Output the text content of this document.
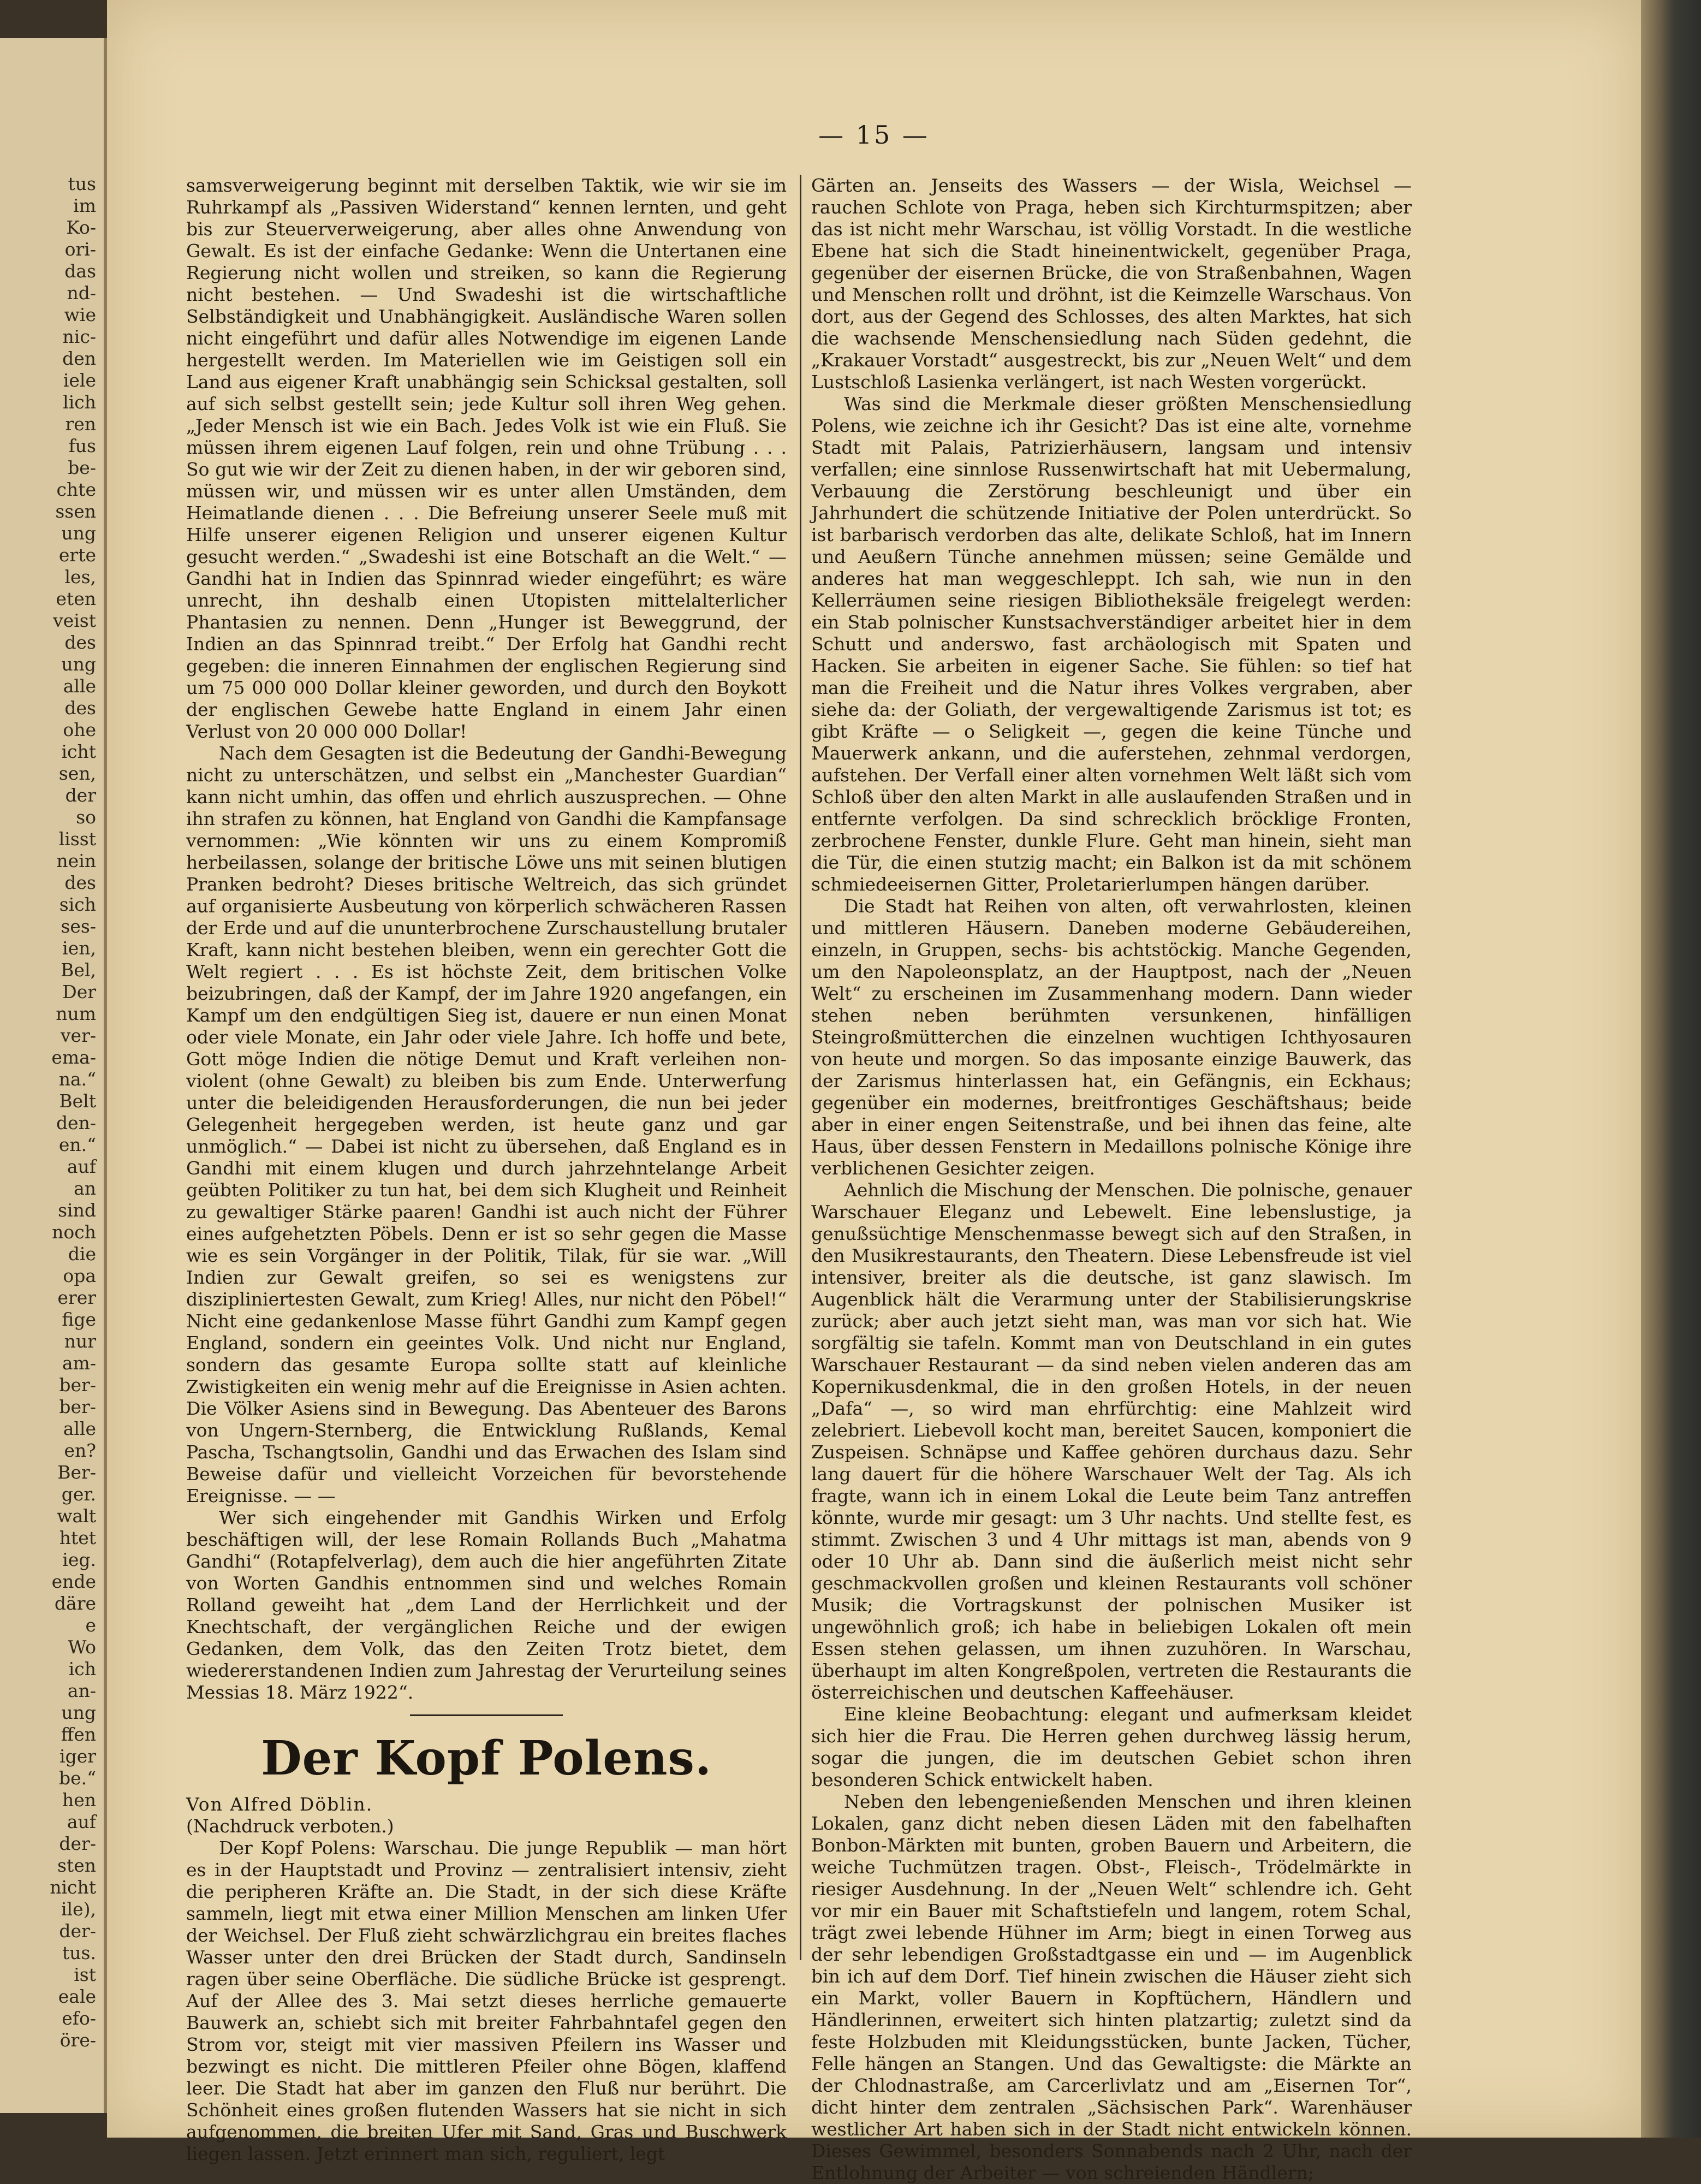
tus
im
Ko-
ori-
das
nd-
wie
nic-
den
iele
lich
ren
fus
be-
chte
ssen
ung
erte
les,
eten
veist
des
ung
alle
des
ohe
icht
sen,
der
so
lisst
nein
des
sich
ses-
ien,
Bel,
Der
num
ver-
ema-
na.“
Belt
den-
en.“
auf
an
sind
noch
die
opa
erer
fige
nur
am-
ber-
ber-
alle
en?
Ber-
ger.
walt
htet
ieg.
ende
däre
e
Wo
ich
an-
ung
ffen
iger
be.“
hen
auf
der-
sten
nicht
ile),
der-
tus.
ist
eale
efo-
öre-

— 15 —

samsverweigerung beginnt mit derselben Taktik, wie wir sie im Ruhrkampf als „Passiven Widerstand“ kennen lernten, und geht bis zur Steuerverweigerung, aber alles ohne Anwendung von Gewalt. Es ist der einfache Gedanke: Wenn die Untertanen eine Regierung nicht wollen und streiken, so kann die Regierung nicht bestehen. — Und Swadeshi ist die wirtschaftliche Selbständigkeit und Unabhängigkeit. Ausländische Waren sollen nicht eingeführt und dafür alles Notwendige im eigenen Lande hergestellt werden. Im Materiellen wie im Geistigen soll ein Land aus eigener Kraft unabhängig sein Schicksal gestalten, soll auf sich selbst gestellt sein; jede Kultur soll ihren Weg gehen. „Jeder Mensch ist wie ein Bach. Jedes Volk ist wie ein Fluß. Sie müssen ihrem eigenen Lauf folgen, rein und ohne Trübung . . . So gut wie wir der Zeit zu dienen haben, in der wir geboren sind, müssen wir, und müssen wir es unter allen Umständen, dem Heimatlande dienen . . . Die Befreiung unserer Seele muß mit Hilfe unserer eigenen Religion und unserer eigenen Kultur gesucht werden.“ „Swadeshi ist eine Botschaft an die Welt.“ — Gandhi hat in Indien das Spinnrad wieder eingeführt; es wäre unrecht, ihn deshalb einen Utopisten mittelalterlicher Phantasien zu nennen. Denn „Hunger ist Beweggrund, der Indien an das Spinnrad treibt.“ Der Erfolg hat Gandhi recht gegeben: die inneren Einnahmen der englischen Regierung sind um 75 000 000 Dollar kleiner geworden, und durch den Boykott der englischen Gewebe hatte England in einem Jahr einen Verlust von 20 000 000 Dollar!

Nach dem Gesagten ist die Bedeutung der Gandhi-Bewegung nicht zu unterschätzen, und selbst ein „Manchester Guardian“ kann nicht umhin, das offen und ehrlich auszusprechen. — Ohne ihn strafen zu können, hat England von Gandhi die Kampfansage vernommen: „Wie könnten wir uns zu einem Kompromiß herbeilassen, solange der britische Löwe uns mit seinen blutigen Pranken bedroht? Dieses britische Weltreich, das sich gründet auf organisierte Ausbeutung von körperlich schwächeren Rassen der Erde und auf die ununterbrochene Zurschaustellung brutaler Kraft, kann nicht bestehen bleiben, wenn ein gerechter Gott die Welt regiert . . . Es ist höchste Zeit, dem britischen Volke beizubringen, daß der Kampf, der im Jahre 1920 angefangen, ein Kampf um den endgültigen Sieg ist, dauere er nun einen Monat oder viele Monate, ein Jahr oder viele Jahre. Ich hoffe und bete, Gott möge Indien die nötige Demut und Kraft verleihen non-violent (ohne Gewalt) zu bleiben bis zum Ende. Unterwerfung unter die beleidigenden Herausforderungen, die nun bei jeder Gelegenheit hergegeben werden, ist heute ganz und gar unmöglich.“ — Dabei ist nicht zu übersehen, daß England es in Gandhi mit einem klugen und durch jahrzehntelange Arbeit geübten Politiker zu tun hat, bei dem sich Klugheit und Reinheit zu gewaltiger Stärke paaren! Gandhi ist auch nicht der Führer eines aufgehetzten Pöbels. Denn er ist so sehr gegen die Masse wie es sein Vorgänger in der Politik, Tilak, für sie war. „Will Indien zur Gewalt greifen, so sei es wenigstens zur diszipliniertesten Gewalt, zum Krieg! Alles, nur nicht den Pöbel!“ Nicht eine gedankenlose Masse führt Gandhi zum Kampf gegen England, sondern ein geeintes Volk. Und nicht nur England, sondern das gesamte Europa sollte statt auf kleinliche Zwistigkeiten ein wenig mehr auf die Ereignisse in Asien achten. Die Völker Asiens sind in Bewegung. Das Abenteuer des Barons von Ungern-Sternberg, die Entwicklung Rußlands, Kemal Pascha, Tschangtsolin, Gandhi und das Erwachen des Islam sind Beweise dafür und vielleicht Vorzeichen für bevorstehende Ereignisse. — —

Wer sich eingehender mit Gandhis Wirken und Erfolg beschäftigen will, der lese Romain Rollands Buch „Mahatma Gandhi“ (Rotapfelverlag), dem auch die hier angeführten Zitate von Worten Gandhis entnommen sind und welches Romain Rolland geweiht hat „dem Land der Herrlichkeit und der Knechtschaft, der vergänglichen Reiche und der ewigen Gedanken, dem Volk, das den Zeiten Trotz bietet, dem wiedererstandenen Indien zum Jahrestag der Verurteilung seines Messias 18. März 1922“.

Der Kopf Polens.

Von Alfred Döblin.

(Nachdruck verboten.)

Der Kopf Polens: Warschau. Die junge Republik — man hört es in der Hauptstadt und Provinz — zentralisiert intensiv, zieht die peripheren Kräfte an. Die Stadt, in der sich diese Kräfte sammeln, liegt mit etwa einer Million Menschen am linken Ufer der Weichsel. Der Fluß zieht schwärzlichgrau ein breites flaches Wasser unter den drei Brücken der Stadt durch, Sandinseln ragen über seine Oberfläche. Die südliche Brücke ist gesprengt. Auf der Allee des 3. Mai setzt dieses herrliche gemauerte Bauwerk an, schiebt sich mit breiter Fahrbahntafel gegen den Strom vor, steigt mit vier massiven Pfeilern ins Wasser und bezwingt es nicht. Die mittleren Pfeiler ohne Bögen, klaffend leer. Die Stadt hat aber im ganzen den Fluß nur berührt. Die Schönheit eines großen flutenden Wassers hat sie nicht in sich aufgenommen, die breiten Ufer mit Sand, Gras und Buschwerk liegen lassen. Jetzt erinnert man sich, reguliert, legt

Gärten an. Jenseits des Wassers — der Wisla, Weichsel — rauchen Schlote von Praga, heben sich Kirchturmspitzen; aber das ist nicht mehr Warschau, ist völlig Vorstadt. In die westliche Ebene hat sich die Stadt hineinentwickelt, gegenüber Praga, gegenüber der eisernen Brücke, die von Straßenbahnen, Wagen und Menschen rollt und dröhnt, ist die Keimzelle Warschaus. Von dort, aus der Gegend des Schlosses, des alten Marktes, hat sich die wachsende Menschensiedlung nach Süden gedehnt, die „Krakauer Vorstadt“ ausgestreckt, bis zur „Neuen Welt“ und dem Lustschloß Lasienka verlängert, ist nach Westen vorgerückt.

Was sind die Merkmale dieser größten Menschensiedlung Polens, wie zeichne ich ihr Gesicht? Das ist eine alte, vornehme Stadt mit Palais, Patrizierhäusern, langsam und intensiv verfallen; eine sinnlose Russenwirtschaft hat mit Uebermalung, Verbauung die Zerstörung beschleunigt und über ein Jahrhundert die schützende Initiative der Polen unterdrückt. So ist barbarisch verdorben das alte, delikate Schloß, hat im Innern und Aeußern Tünche annehmen müssen; seine Gemälde und anderes hat man weggeschleppt. Ich sah, wie nun in den Kellerräumen seine riesigen Bibliotheksäle freigelegt werden: ein Stab polnischer Kunstsachverständiger arbeitet hier in dem Schutt und anderswo, fast archäologisch mit Spaten und Hacken. Sie arbeiten in eigener Sache. Sie fühlen: so tief hat man die Freiheit und die Natur ihres Volkes vergraben, aber siehe da: der Goliath, der vergewaltigende Zarismus ist tot; es gibt Kräfte — o Seligkeit —, gegen die keine Tünche und Mauerwerk ankann, und die auferstehen, zehnmal verdorgen, aufstehen. Der Verfall einer alten vornehmen Welt läßt sich vom Schloß über den alten Markt in alle auslaufenden Straßen und in entfernte verfolgen. Da sind schrecklich bröcklige Fronten, zerbrochene Fenster, dunkle Flure. Geht man hinein, sieht man die Tür, die einen stutzig macht; ein Balkon ist da mit schönem schmiedeeisernen Gitter, Proletarierlumpen hängen darüber.

Die Stadt hat Reihen von alten, oft verwahrlosten, kleinen und mittleren Häusern. Daneben moderne Gebäudereihen, einzeln, in Gruppen, sechs- bis achtstöckig. Manche Gegenden, um den Napoleonsplatz, an der Hauptpost, nach der „Neuen Welt“ zu erscheinen im Zusammenhang modern. Dann wieder stehen neben berühmten versunkenen, hinfälligen Steingroßmütterchen die einzelnen wuchtigen Ichthyosauren von heute und morgen. So das imposante einzige Bauwerk, das der Zarismus hinterlassen hat, ein Gefängnis, ein Eckhaus; gegenüber ein modernes, breitfrontiges Geschäftshaus; beide aber in einer engen Seitenstraße, und bei ihnen das feine, alte Haus, über dessen Fenstern in Medaillons polnische Könige ihre verblichenen Gesichter zeigen.

Aehnlich die Mischung der Menschen. Die polnische, genauer Warschauer Eleganz und Lebewelt. Eine lebenslustige, ja genußsüchtige Menschenmasse bewegt sich auf den Straßen, in den Musikrestaurants, den Theatern. Diese Lebensfreude ist viel intensiver, breiter als die deutsche, ist ganz slawisch. Im Augenblick hält die Verarmung unter der Stabilisierungskrise zurück; aber auch jetzt sieht man, was man vor sich hat. Wie sorgfältig sie tafeln. Kommt man von Deutschland in ein gutes Warschauer Restaurant — da sind neben vielen anderen das am Kopernikusdenkmal, die in den großen Hotels, in der neuen „Dafa“ —, so wird man ehrfürchtig: eine Mahlzeit wird zelebriert. Liebevoll kocht man, bereitet Saucen, komponiert die Zuspeisen. Schnäpse und Kaffee gehören durchaus dazu. Sehr lang dauert für die höhere Warschauer Welt der Tag. Als ich fragte, wann ich in einem Lokal die Leute beim Tanz antreffen könnte, wurde mir gesagt: um 3 Uhr nachts. Und stellte fest, es stimmt. Zwischen 3 und 4 Uhr mittags ist man, abends von 9 oder 10 Uhr ab. Dann sind die äußerlich meist nicht sehr geschmackvollen großen und kleinen Restaurants voll schöner Musik; die Vortragskunst der polnischen Musiker ist ungewöhnlich groß; ich habe in beliebigen Lokalen oft mein Essen stehen gelassen, um ihnen zuzuhören. In Warschau, überhaupt im alten Kongreßpolen, vertreten die Restaurants die österreichischen und deutschen Kaffeehäuser.

Eine kleine Beobachtung: elegant und aufmerksam kleidet sich hier die Frau. Die Herren gehen durchweg lässig herum, sogar die jungen, die im deutschen Gebiet schon ihren besonderen Schick entwickelt haben.

Neben den lebengenießenden Menschen und ihren kleinen Lokalen, ganz dicht neben diesen Läden mit den fabelhaften Bonbon-Märkten mit bunten, groben Bauern und Arbeitern, die weiche Tuchmützen tragen. Obst-, Fleisch-, Trödelmärkte in riesiger Ausdehnung. In der „Neuen Welt“ schlendre ich. Geht vor mir ein Bauer mit Schaftstiefeln und langem, rotem Schal, trägt zwei lebende Hühner im Arm; biegt in einen Torweg aus der sehr lebendigen Großstadtgasse ein und — im Augenblick bin ich auf dem Dorf. Tief hinein zwischen die Häuser zieht sich ein Markt, voller Bauern in Kopftüchern, Händlern und Händlerinnen, erweitert sich hinten platzartig; zuletzt sind da feste Holzbuden mit Kleidungsstücken, bunte Jacken, Tücher, Felle hängen an Stangen. Und das Gewaltigste: die Märkte an der Chlodnastraße, am Carcerlivlatz und am „Eisernen Tor“, dicht hinter dem zentralen „Sächsischen Park“. Warenhäuser westlicher Art haben sich in der Stadt nicht entwickeln können. Dieses Gewimmel, besonders Sonnabends nach 2 Uhr, nach der Entlohnung der Arbeiter — von schreienden Händlern;
